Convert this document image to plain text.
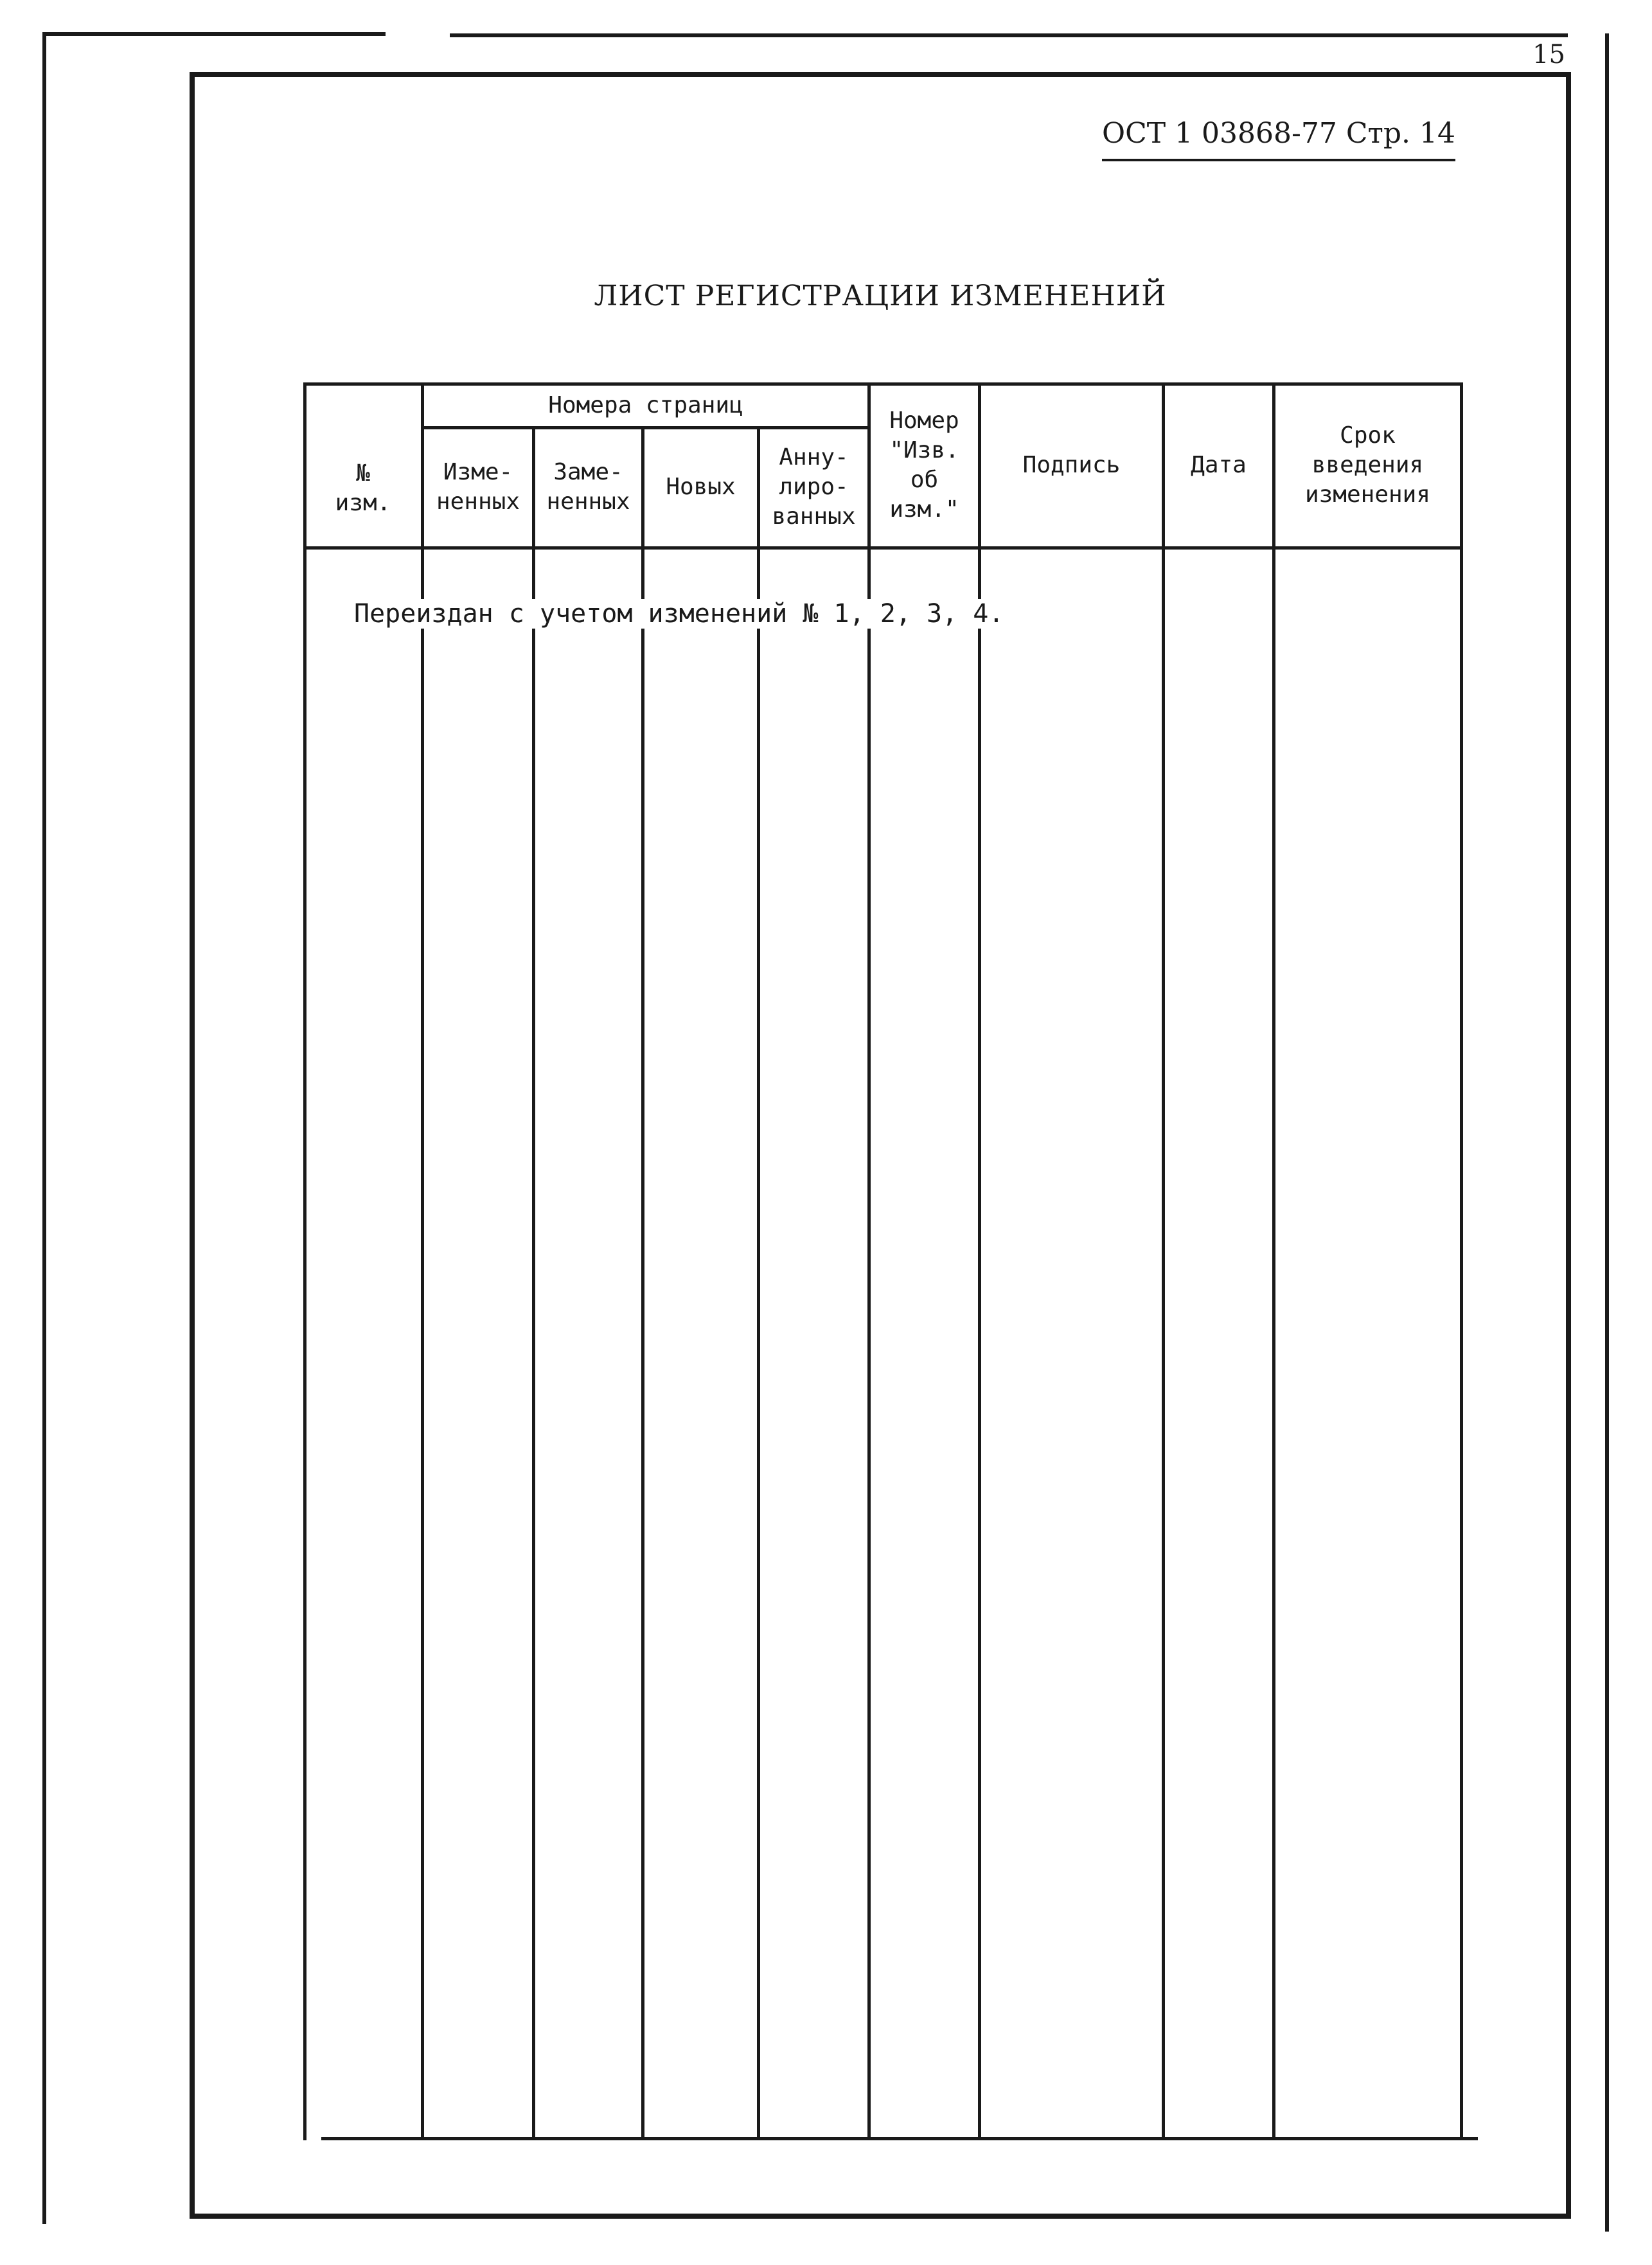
15
ОСТ 1 03868-77 Стр. 14
ЛИСТ РЕГИСТРАЦИИ ИЗМЕНЕНИЙ
№ изм.
Номера страниц
Изме-ненных
Заме-ненных
Новых
Анну-лиро-ванных
Номер "Изв. об изм."
Подпись	Дата
Срок введения изменения
Переиздан с учетом изменений № 1, 2, 3, 4.
